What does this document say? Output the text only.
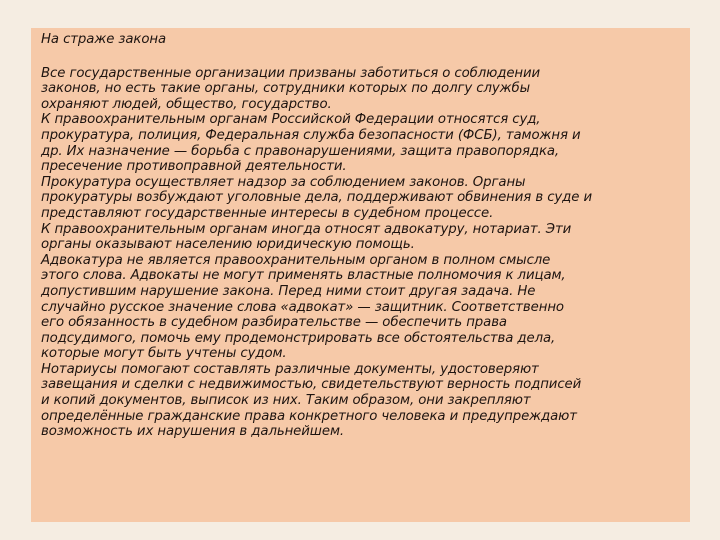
На страже закона

Все государственные организации призваны заботиться о соблюдении
законов, но есть такие органы, сотрудники которых по долгу службы
охраняют людей, общество, государство.

К правоохранительным органам Российской Федерации относятся суд,
прокуратура, полиция, Федеральная служба безопасности (ФСБ), таможня и
др. Их назначение — борьба с правонарушениями, защита правопорядка,
пресечение противоправной деятельности.

Прокуратура осуществляет надзор за соблюдением законов. Органы
прокуратуры возбуждают уголовные дела, поддерживают обвинения в суде и
представляют государственные интересы в судебном процессе.

К правоохранительным органам иногда относят адвокатуру, нотариат. Эти
органы оказывают населению юридическую помощь.

Адвокатура не является правоохранительным органом в полном смысле
этого слова. Адвокаты не могут применять властные полномочия к лицам,
допустившим нарушение закона. Перед ними стоит другая задача. Не
случайно русское значение слова «адвокат» — защитник. Соответственно
его обязанность в судебном разбирательстве — обеспечить права
подсудимого, помочь ему продемонстрировать все обстоятельства дела,
которые могут быть учтены судом.

Нотариусы помогают составлять различные документы, удостоверяют
завещания и сделки с недвижимостью, свидетельствуют верность подписей
и копий документов, выписок из них. Таким образом, они закрепляют
определённые гражданские права конкретного человека и предупреждают
возможность их нарушения в дальнейшем.
